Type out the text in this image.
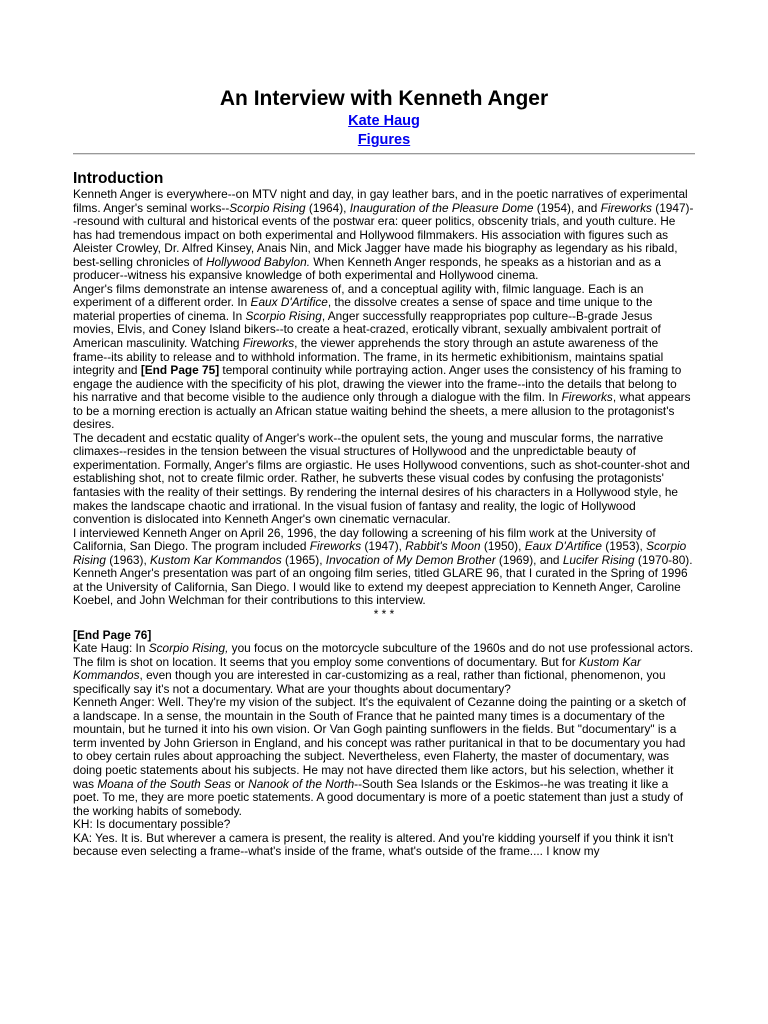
An Interview with Kenneth Anger

Kate Haug

Figures

Introduction

Kenneth Anger is everywhere--on MTV night and day, in gay leather bars, and in the poetic narratives of experimental films. Anger's seminal works--Scorpio Rising (1964), Inauguration of the Pleasure Dome (1954), and Fireworks (1947)--resound with cultural and historical events of the postwar era: queer politics, obscenity trials, and youth culture. He has had tremendous impact on both experimental and Hollywood filmmakers. His association with figures such as Aleister Crowley, Dr. Alfred Kinsey, Anais Nin, and Mick Jagger have made his biography as legendary as his ribald, best-selling chronicles of Hollywood Babylon. When Kenneth Anger responds, he speaks as a historian and as a producer--witness his expansive knowledge of both experimental and Hollywood cinema.

Anger's films demonstrate an intense awareness of, and a conceptual agility with, filmic language. Each is an experiment of a different order. In Eaux D'Artifice, the dissolve creates a sense of space and time unique to the material properties of cinema. In Scorpio Rising, Anger successfully reappropriates pop culture--B-grade Jesus movies, Elvis, and Coney Island bikers--to create a heat-crazed, erotically vibrant, sexually ambivalent portrait of American masculinity. Watching Fireworks, the viewer apprehends the story through an astute awareness of the frame--its ability to release and to withhold information. The frame, in its hermetic exhibitionism, maintains spatial integrity and [End Page 75] temporal continuity while portraying action. Anger uses the consistency of his framing to engage the audience with the specificity of his plot, drawing the viewer into the frame--into the details that belong to his narrative and that become visible to the audience only through a dialogue with the film. In Fireworks, what appears to be a morning erection is actually an African statue waiting behind the sheets, a mere allusion to the protagonist's desires.

The decadent and ecstatic quality of Anger's work--the opulent sets, the young and muscular forms, the narrative climaxes--resides in the tension between the visual structures of Hollywood and the unpredictable beauty of experimentation. Formally, Anger's films are orgiastic. He uses Hollywood conventions, such as shot-counter-shot and establishing shot, not to create filmic order. Rather, he subverts these visual codes by confusing the protagonists' fantasies with the reality of their settings. By rendering the internal desires of his characters in a Hollywood style, he makes the landscape chaotic and irrational. In the visual fusion of fantasy and reality, the logic of Hollywood convention is dislocated into Kenneth Anger's own cinematic vernacular.

I interviewed Kenneth Anger on April 26, 1996, the day following a screening of his film work at the University of California, San Diego. The program included Fireworks (1947), Rabbit's Moon (1950), Eaux D'Artifice (1953), Scorpio Rising (1963), Kustom Kar Kommandos (1965), Invocation of My Demon Brother (1969), and Lucifer Rising (1970-80). Kenneth Anger's presentation was part of an ongoing film series, titled GLARE 96, that I curated in the Spring of 1996 at the University of California, San Diego. I would like to extend my deepest appreciation to Kenneth Anger, Caroline Koebel, and John Welchman for their contributions to this interview.

* * *

[End Page 76]

Kate Haug: In Scorpio Rising, you focus on the motorcycle subculture of the 1960s and do not use professional actors. The film is shot on location. It seems that you employ some conventions of documentary. But for Kustom Kar Kommandos, even though you are interested in car-customizing as a real, rather than fictional, phenomenon, you specifically say it's not a documentary. What are your thoughts about documentary?

Kenneth Anger: Well. They're my vision of the subject. It's the equivalent of Cezanne doing the painting or a sketch of a landscape. In a sense, the mountain in the South of France that he painted many times is a documentary of the mountain, but he turned it into his own vision. Or Van Gogh painting sunflowers in the fields. But "documentary" is a term invented by John Grierson in England, and his concept was rather puritanical in that to be documentary you had to obey certain rules about approaching the subject. Nevertheless, even Flaherty, the master of documentary, was doing poetic statements about his subjects. He may not have directed them like actors, but his selection, whether it was Moana of the South Seas or Nanook of the North--South Sea Islands or the Eskimos--he was treating it like a poet. To me, they are more poetic statements. A good documentary is more of a poetic statement than just a study of the working habits of somebody.

KH: Is documentary possible?

KA: Yes. It is. But wherever a camera is present, the reality is altered. And you're kidding yourself if you think it isn't because even selecting a frame--what's inside of the frame, what's outside of the frame.... I know my
